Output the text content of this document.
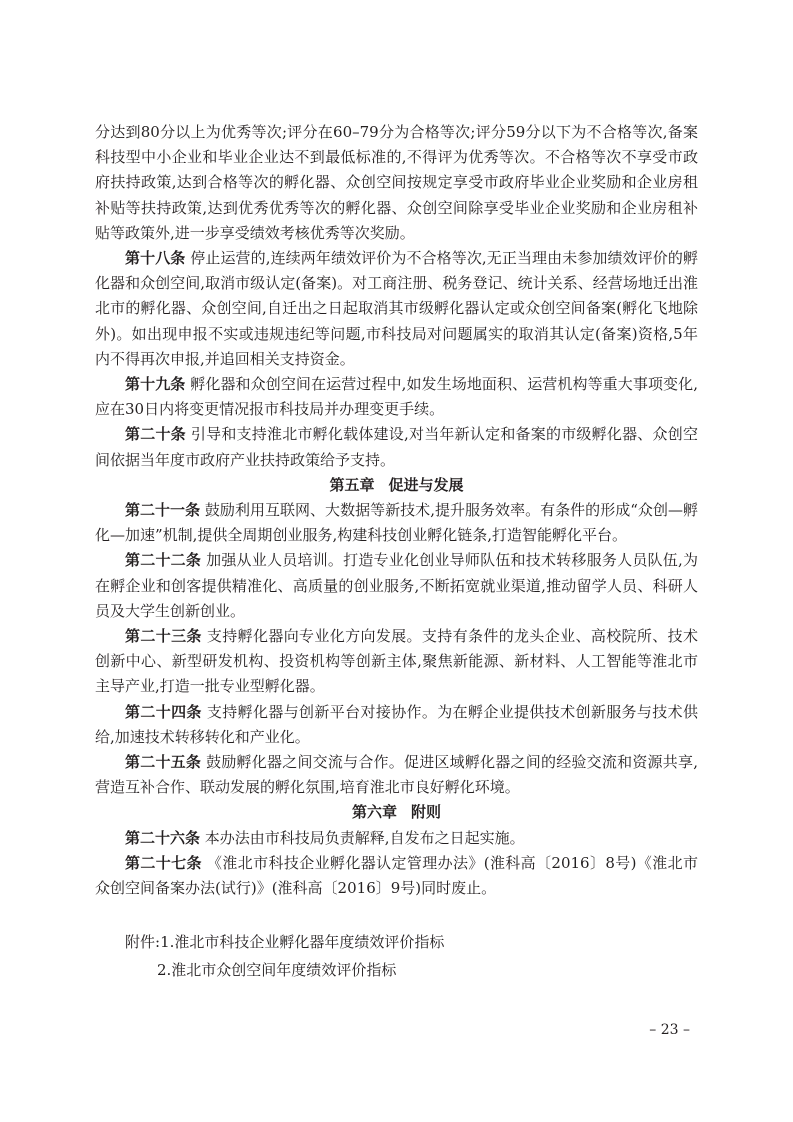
分达到80分以上为优秀等次;评分在60–79分为合格等次;评分59分以下为不合格等次,备案科技型中小企业和毕业企业达不到最低标准的,不得评为优秀等次。不合格等次不享受市政府扶持政策,达到合格等次的孵化器、众创空间按规定享受市政府毕业企业奖励和企业房租补贴等扶持政策,达到优秀优秀等次的孵化器、众创空间除享受毕业企业奖励和企业房租补贴等政策外,进一步享受绩效考核优秀等次奖励。

第十八条 停止运营的,连续两年绩效评价为不合格等次,无正当理由未参加绩效评价的孵化器和众创空间,取消市级认定(备案)。对工商注册、税务登记、统计关系、经营场地迁出淮北市的孵化器、众创空间,自迁出之日起取消其市级孵化器认定或众创空间备案(孵化飞地除外)。如出现申报不实或违规违纪等问题,市科技局对问题属实的取消其认定(备案)资格,5年内不得再次申报,并追回相关支持资金。

第十九条 孵化器和众创空间在运营过程中,如发生场地面积、运营机构等重大事项变化,应在30日内将变更情况报市科技局并办理变更手续。

第二十条 引导和支持淮北市孵化载体建设,对当年新认定和备案的市级孵化器、众创空间依据当年度市政府产业扶持政策给予支持。

第五章 促进与发展

第二十一条 鼓励利用互联网、大数据等新技术,提升服务效率。有条件的形成“众创—孵化—加速”机制,提供全周期创业服务,构建科技创业孵化链条,打造智能孵化平台。

第二十二条 加强从业人员培训。打造专业化创业导师队伍和技术转移服务人员队伍,为在孵企业和创客提供精准化、高质量的创业服务,不断拓宽就业渠道,推动留学人员、科研人员及大学生创新创业。

第二十三条 支持孵化器向专业化方向发展。支持有条件的龙头企业、高校院所、技术创新中心、新型研发机构、投资机构等创新主体,聚焦新能源、新材料、人工智能等淮北市主导产业,打造一批专业型孵化器。

第二十四条 支持孵化器与创新平台对接协作。为在孵企业提供技术创新服务与技术供给,加速技术转移转化和产业化。

第二十五条 鼓励孵化器之间交流与合作。促进区域孵化器之间的经验交流和资源共享,营造互补合作、联动发展的孵化氛围,培育淮北市良好孵化环境。

第六章 附则

第二十六条 本办法由市科技局负责解释,自发布之日起实施。

第二十七条 《淮北市科技企业孵化器认定管理办法》(淮科高〔2016〕8号)《淮北市众创空间备案办法(试行)》(淮科高〔2016〕9号)同时废止。

附件:1.淮北市科技企业孵化器年度绩效评价指标

2.淮北市众创空间年度绩效评价指标

– 23 –
